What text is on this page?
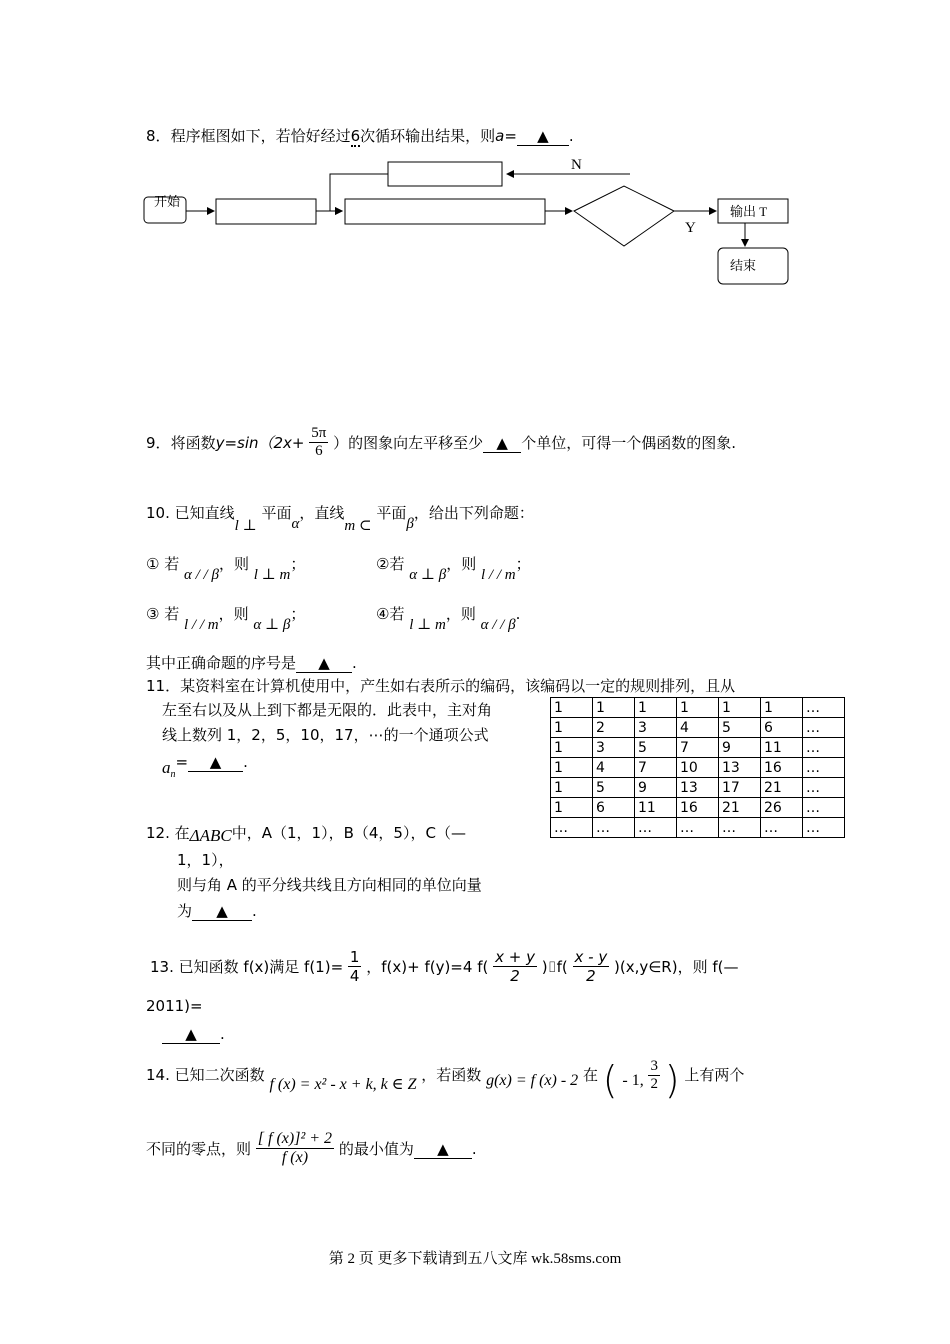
8．程序框图如下，若恰好经过6次循环输出结果，则a= ▲ .
开始
N
Y
输出 T
结束
9．将函数$y=\sin(2x+ \frac{5\pi}{6}$ ）的图象向左平移至少 ▲ 个单位，可得一个偶函数的图象.
10. 已知直线l ⊥ 平面α，直线m ⊂ 平面β，给出下列命题：
① 若 α / / β，则 l ⊥ m；	②若 α ⊥ β，则 l / / m；
③ 若 l / / m，则 α ⊥ β；	④若 l ⊥ m，则 α / / β.
其中正确命题的序号是 ▲ .
11．某资料室在计算机使用中，产生如右表所示的编码，该编码以一定的规则排列，且从
左至右以及从上到下都是无限的．此表中，主对角
线上数列 1，2，5，10，17，⋯的一个通项公式
$a_n=$ ▲ .
1	1	1	1	1	1	…
1	2	3	4	5	6	…
1	3	5	7	9	11	…
1	4	7	10	13	16	…
1	5	9	13	17	21	…
1	6	11	16	21	26	…
…	…	…	…	…	…	…
12. 在ΔABC中，A（1，1），B（4，5），C（—
1，1），
则与角 A 的平分线共线且方向相同的单位向量
为 ▲ .
13. 已知函数 f(x)满足 $f(1)= \frac{1}{4}$ ，f(x)+ f(y)=4 $f( \frac{x + y}{2}$ )⌷f( $\frac{x - y}{2}$ )(x,y∈R)，则 f(—
2011)=
▲ .
14. 已知二次函数 f (x) = x² - x + k, k ∈ Z ，若函数 g(x) = f (x) - 2 在 ( - 1, $\frac{3}{2}$ ) 上有两个
不同的零点，则 $\frac{\text{[ f (x)]² + 2}}{f (x)}$ 的最小值为 ▲ .
第 2 页 更多下载请到五八文库 wk.58sms.com
